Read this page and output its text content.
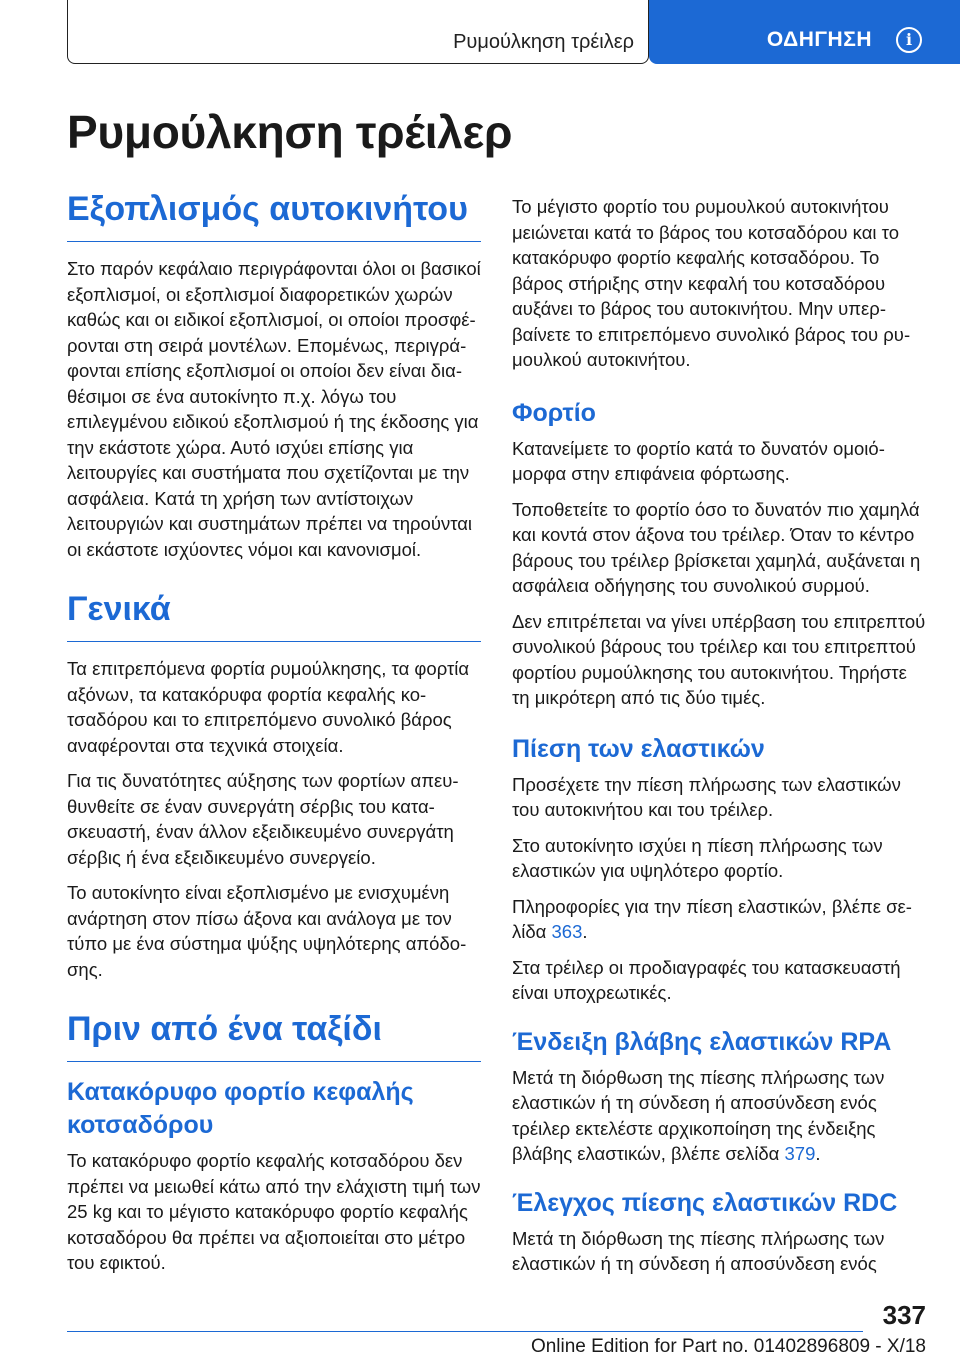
Ρυμούλκηση τρέιλερ	ΟΔΗΓΗΣΗ	i
Ρυμούλκηση τρέιλερ
Εξοπλισμός αυτοκινήτου

Στο παρόν κεφάλαιο περιγράφονται όλοι οι βασικοί εξοπλισμοί, οι εξοπλισμοί διαφορετικών χωρών καθώς και οι ειδικοί εξοπλισμοί, οι οποίοι προσφέρονται στη σειρά μοντέλων. Επομένως, περιγράφονται επίσης εξοπλισμοί οι οποίοι δεν είναι διαθέσιμοι σε ένα αυτοκίνητο π.χ. λόγω του επιλεγμένου ειδικού εξοπλισμού ή της έκδοσης για την εκάστοτε χώρα. Αυτό ισχύει επίσης για λειτουργίες και συστήματα που σχετίζονται με την ασφάλεια. Κατά τη χρήση των αντίστοιχων λειτουργιών και συστημάτων πρέπει να τηρούνται οι εκάστοτε ισχύοντες νόμοι και κανονισμοί.

Γενικά

Τα επιτρεπόμενα φορτία ρυμούλκησης, τα φορτία αξόνων, τα κατακόρυφα φορτία κεφαλής κοτσαδόρου και το επιτρεπόμενο συνολικό βάρος αναφέρονται στα τεχνικά στοιχεία.

Για τις δυνατότητες αύξησης των φορτίων απευθυνθείτε σε έναν συνεργάτη σέρβις του κατασκευαστή, έναν άλλον εξειδικευμένο συνεργάτη σέρβις ή ένα εξειδικευμένο συνεργείο.

Το αυτοκίνητο είναι εξοπλισμένο με ενισχυμένη ανάρτηση στον πίσω άξονα και ανάλογα με τον τύπο με ένα σύστημα ψύξης υψηλότερης απόδοσης.

Πριν από ένα ταξίδι
Κατακόρυφο φορτίο κεφαλής κοτσαδόρου

Το κατακόρυφο φορτίο κεφαλής κοτσαδόρου δεν πρέπει να μειωθεί κάτω από την ελάχιστη τιμή των 25 kg και το μέγιστο κατακόρυφο φορτίο κεφαλής κοτσαδόρου θα πρέπει να αξιοποιείται στο μέτρο του εφικτού.

Το μέγιστο φορτίο του ρυμουλκού αυτοκινήτου μειώνεται κατά το βάρος του κοτσαδόρου και το κατακόρυφο φορτίο κεφαλής κοτσαδόρου. Το βάρος στήριξης στην κεφαλή του κοτσαδόρου αυξάνει το βάρος του αυτοκινήτου. Μην υπερβαίνετε το επιτρεπόμενο συνολικό βάρος του ρυμουλκού αυτοκινήτου.

Φορτίο

Κατανείμετε το φορτίο κατά το δυνατόν ομοιόμορφα στην επιφάνεια φόρτωσης.

Τοποθετείτε το φορτίο όσο το δυνατόν πιο χαμηλά και κοντά στον άξονα του τρέιλερ. Όταν το κέντρο βάρους του τρέιλερ βρίσκεται χαμηλά, αυξάνεται η ασφάλεια οδήγησης του συνολικού συρμού.

Δεν επιτρέπεται να γίνει υπέρβαση του επιτρεπτού συνολικού βάρους του τρέιλερ και του επιτρεπτού φορτίου ρυμούλκησης του αυτοκινήτου. Τηρήστε τη μικρότερη από τις δύο τιμές.

Πίεση των ελαστικών

Προσέχετε την πίεση πλήρωσης των ελαστικών του αυτοκινήτου και του τρέιλερ.

Στο αυτοκίνητο ισχύει η πίεση πλήρωσης των ελαστικών για υψηλότερο φορτίο.

Πληροφορίες για την πίεση ελαστικών, βλέπε σελίδα 363.

Στα τρέιλερ οι προδιαγραφές του κατασκευαστή είναι υποχρεωτικές.

Ένδειξη βλάβης ελαστικών RPA

Μετά τη διόρθωση της πίεσης πλήρωσης των ελαστικών ή τη σύνδεση ή αποσύνδεση ενός τρέιλερ εκτελέστε αρχικοποίηση της ένδειξης βλάβης ελαστικών, βλέπε σελίδα 379.

Έλεγχος πίεσης ελαστικών RDC

Μετά τη διόρθωση της πίεσης πλήρωσης των ελαστικών ή τη σύνδεση ή αποσύνδεση ενός

337
Online Edition for Part no. 01402896809 - X/18
